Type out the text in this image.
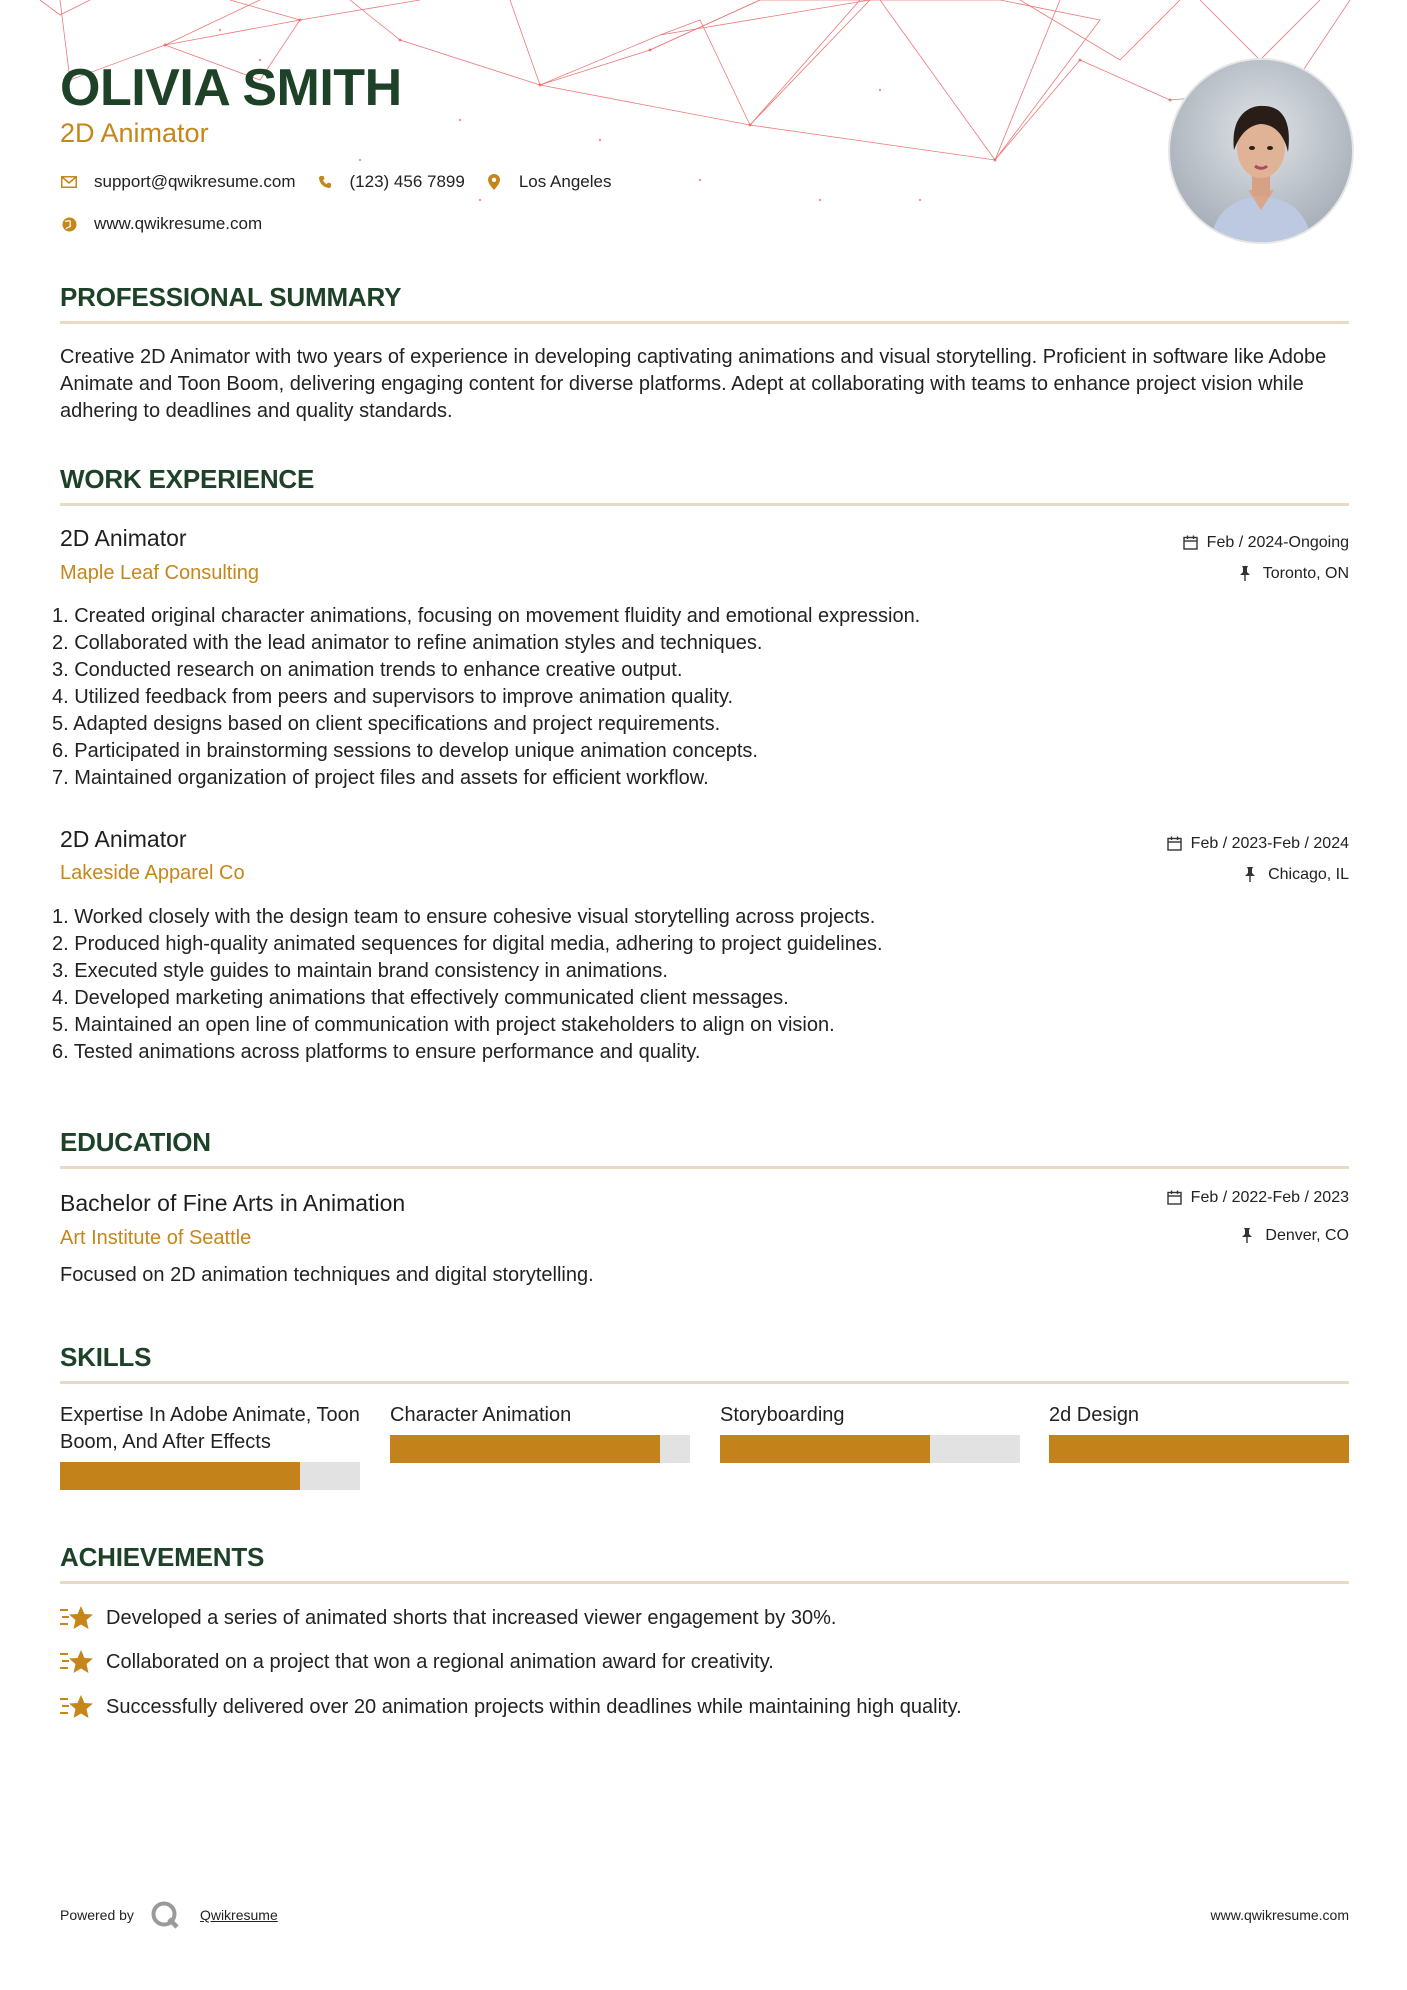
OLIVIA SMITH
2D Animator
support@qwikresume.com	(123) 456 7899	Los Angeles
www.qwikresume.com
PROFESSIONAL SUMMARY
Creative 2D Animator with two years of experience in developing captivating animations and visual storytelling. Proficient in software like Adobe Animate and Toon Boom, delivering engaging content for diverse platforms. Adept at collaborating with teams to enhance project vision while adhering to deadlines and quality standards.
WORK EXPERIENCE
2D Animator
Maple Leaf Consulting
Feb / 2024-Ongoing
Toronto, ON
1. Created original character animations, focusing on movement fluidity and emotional expression.
2. Collaborated with the lead animator to refine animation styles and techniques.
3. Conducted research on animation trends to enhance creative output.
4. Utilized feedback from peers and supervisors to improve animation quality.
5. Adapted designs based on client specifications and project requirements.
6. Participated in brainstorming sessions to develop unique animation concepts.
7. Maintained organization of project files and assets for efficient workflow.
2D Animator
Lakeside Apparel Co
Feb / 2023-Feb / 2024
Chicago, IL
1. Worked closely with the design team to ensure cohesive visual storytelling across projects.
2. Produced high-quality animated sequences for digital media, adhering to project guidelines.
3. Executed style guides to maintain brand consistency in animations.
4. Developed marketing animations that effectively communicated client messages.
5. Maintained an open line of communication with project stakeholders to align on vision.
6. Tested animations across platforms to ensure performance and quality.
EDUCATION
Bachelor of Fine Arts in Animation
Art Institute of Seattle
Feb / 2022-Feb / 2023
Denver, CO
Focused on 2D animation techniques and digital storytelling.
SKILLS
Expertise In Adobe Animate, Toon Boom, And After Effects
Character Animation	Storyboarding	2d Design
ACHIEVEMENTS
Developed a series of animated shorts that increased viewer engagement by 30%.
Collaborated on a project that won a regional animation award for creativity.
Successfully delivered over 20 animation projects within deadlines while maintaining high quality.
Powered by	Qwikresume	www.qwikresume.com
